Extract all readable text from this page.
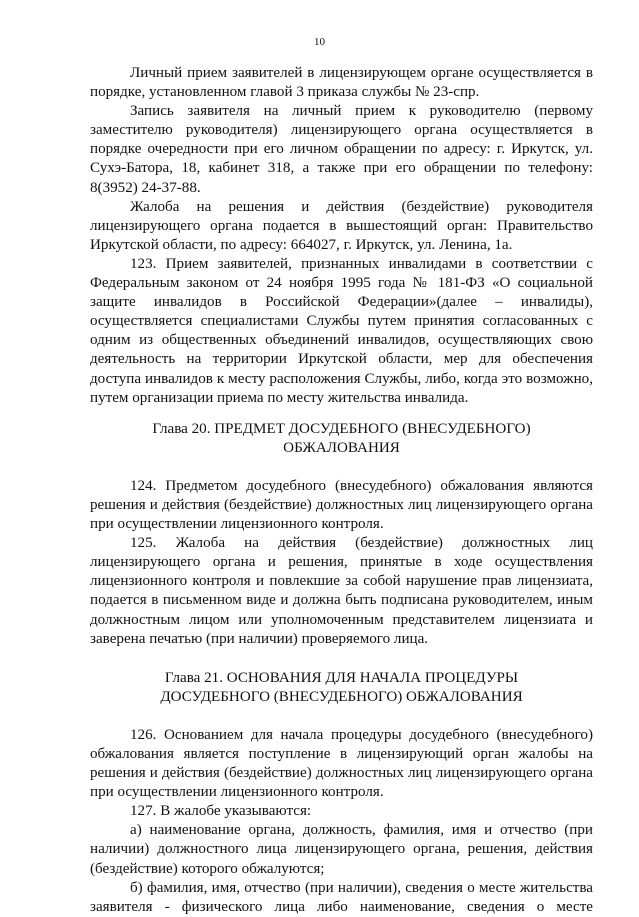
10

Личный прием заявителей в лицензирующем органе осуществляется в порядке, установленном главой 3 приказа службы № 23-спр.

Запись заявителя на личный прием к руководителю (первому заместителю руководителя) лицензирующего органа осуществляется в порядке очередности при его личном обращении по адресу: г. Иркутск, ул. Сухэ-Батора, 18, кабинет 318, а также при его обращении по телефону: 8(3952) 24-37-88.

Жалоба на решения и действия (бездействие) руководителя лицензирующего органа подается в вышестоящий орган: Правительство Иркутской области, по адресу: 664027, г. Иркутск, ул. Ленина, 1а.

123. Прием заявителей, признанных инвалидами в соответствии с Федеральным законом от 24 ноября 1995 года № 181-ФЗ «О социальной защите инвалидов в Российской Федерации»(далее – инвалиды), осуществляется специалистами Службы путем принятия согласованных с одним из общественных объединений инвалидов, осуществляющих свою деятельность на территории Иркутской области, мер для обеспечения доступа инвалидов к месту расположения Службы, либо, когда это возможно, путем организации приема по месту жительства инвалида.

Глава 20. ПРЕДМЕТ ДОСУДЕБНОГО (ВНЕСУДЕБНОГО)
ОБЖАЛОВАНИЯ

124. Предметом досудебного (внесудебного) обжалования являются решения и действия (бездействие) должностных лиц лицензирующего органа при осуществлении лицензионного контроля.

125. Жалоба на действия (бездействие) должностных лиц лицензирующего органа и решения, принятые в ходе осуществления лицензионного контроля и повлекшие за собой нарушение прав лицензиата, подается в письменном виде и должна быть подписана руководителем, иным должностным лицом или уполномоченным представителем лицензиата и заверена печатью (при наличии) проверяемого лица.

Глава 21. ОСНОВАНИЯ ДЛЯ НАЧАЛА ПРОЦЕДУРЫ
ДОСУДЕБНОГО (ВНЕСУДЕБНОГО) ОБЖАЛОВАНИЯ

126. Основанием для начала процедуры досудебного (внесудебного) обжалования является поступление в лицензирующий орган жалобы на решения и действия (бездействие) должностных лиц лицензирующего органа при осуществлении лицензионного контроля.

127. В жалобе указываются:

а) наименование органа, должность, фамилия, имя и отчество (при наличии) должностного лица лицензирующего органа, решения, действия (бездействие) которого обжалуются;

б) фамилия, имя, отчество (при наличии), сведения о месте жительства заявителя - физического лица либо наименование, сведения о месте
